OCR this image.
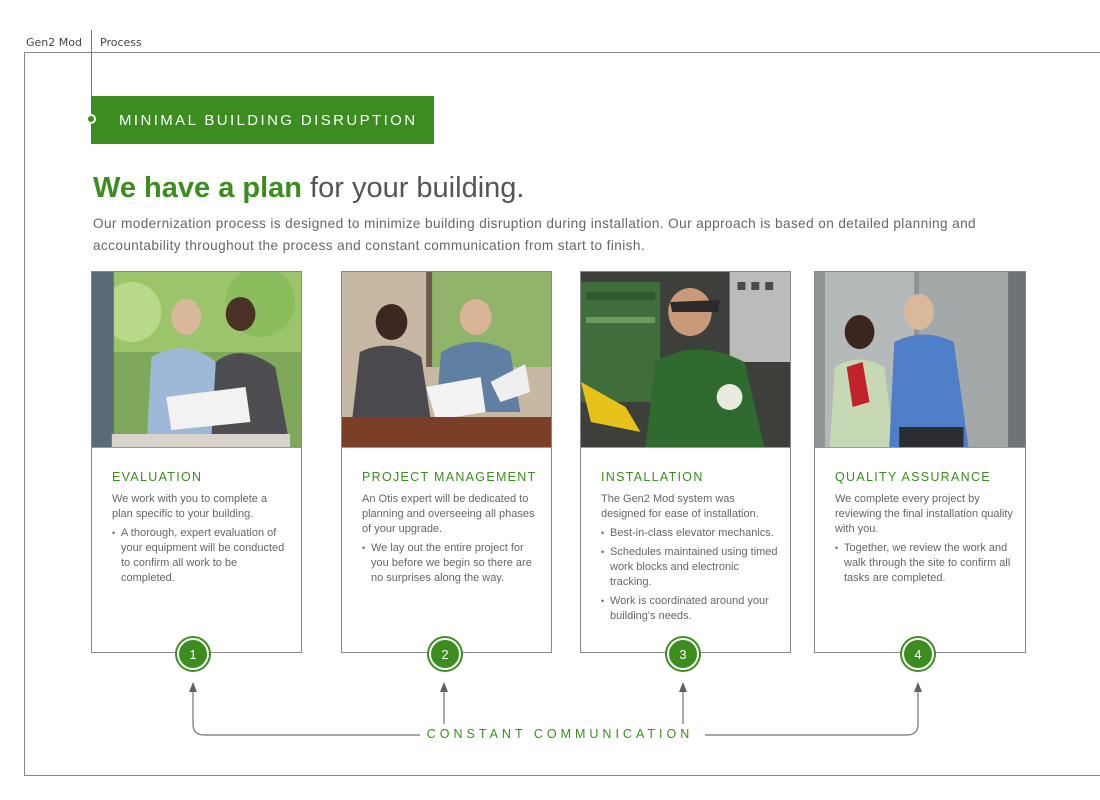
Gen2 Mod Process
MINIMAL BUILDING DISRUPTION
We have a plan for your building.

Our modernization process is designed to minimize building disruption during installation. Our approach is based on detailed planning and accountability throughout the process and constant communication from start to finish.

EVALUATION

We work with you to complete a plan specific to your building.

• A thorough, expert evaluation of your equipment will be conducted to confirm all work to be completed.
PROJECT MANAGEMENT

An Otis expert will be dedicated to planning and overseeing all phases of your upgrade.

• We lay out the entire project for you before we begin so there are no surprises along the way.
INSTALLATION

The Gen2 Mod system was designed for ease of installation.

• Best-in-class elevator mechanics.
• Schedules maintained using timed work blocks and electronic tracking.
• Work is coordinated around your building's needs.
QUALITY ASSURANCE

We complete every project by reviewing the final installation quality with you.

• Together, we review the work and walk through the site to confirm all tasks are completed.
1	2	3	4
CONSTANT COMMUNICATION
